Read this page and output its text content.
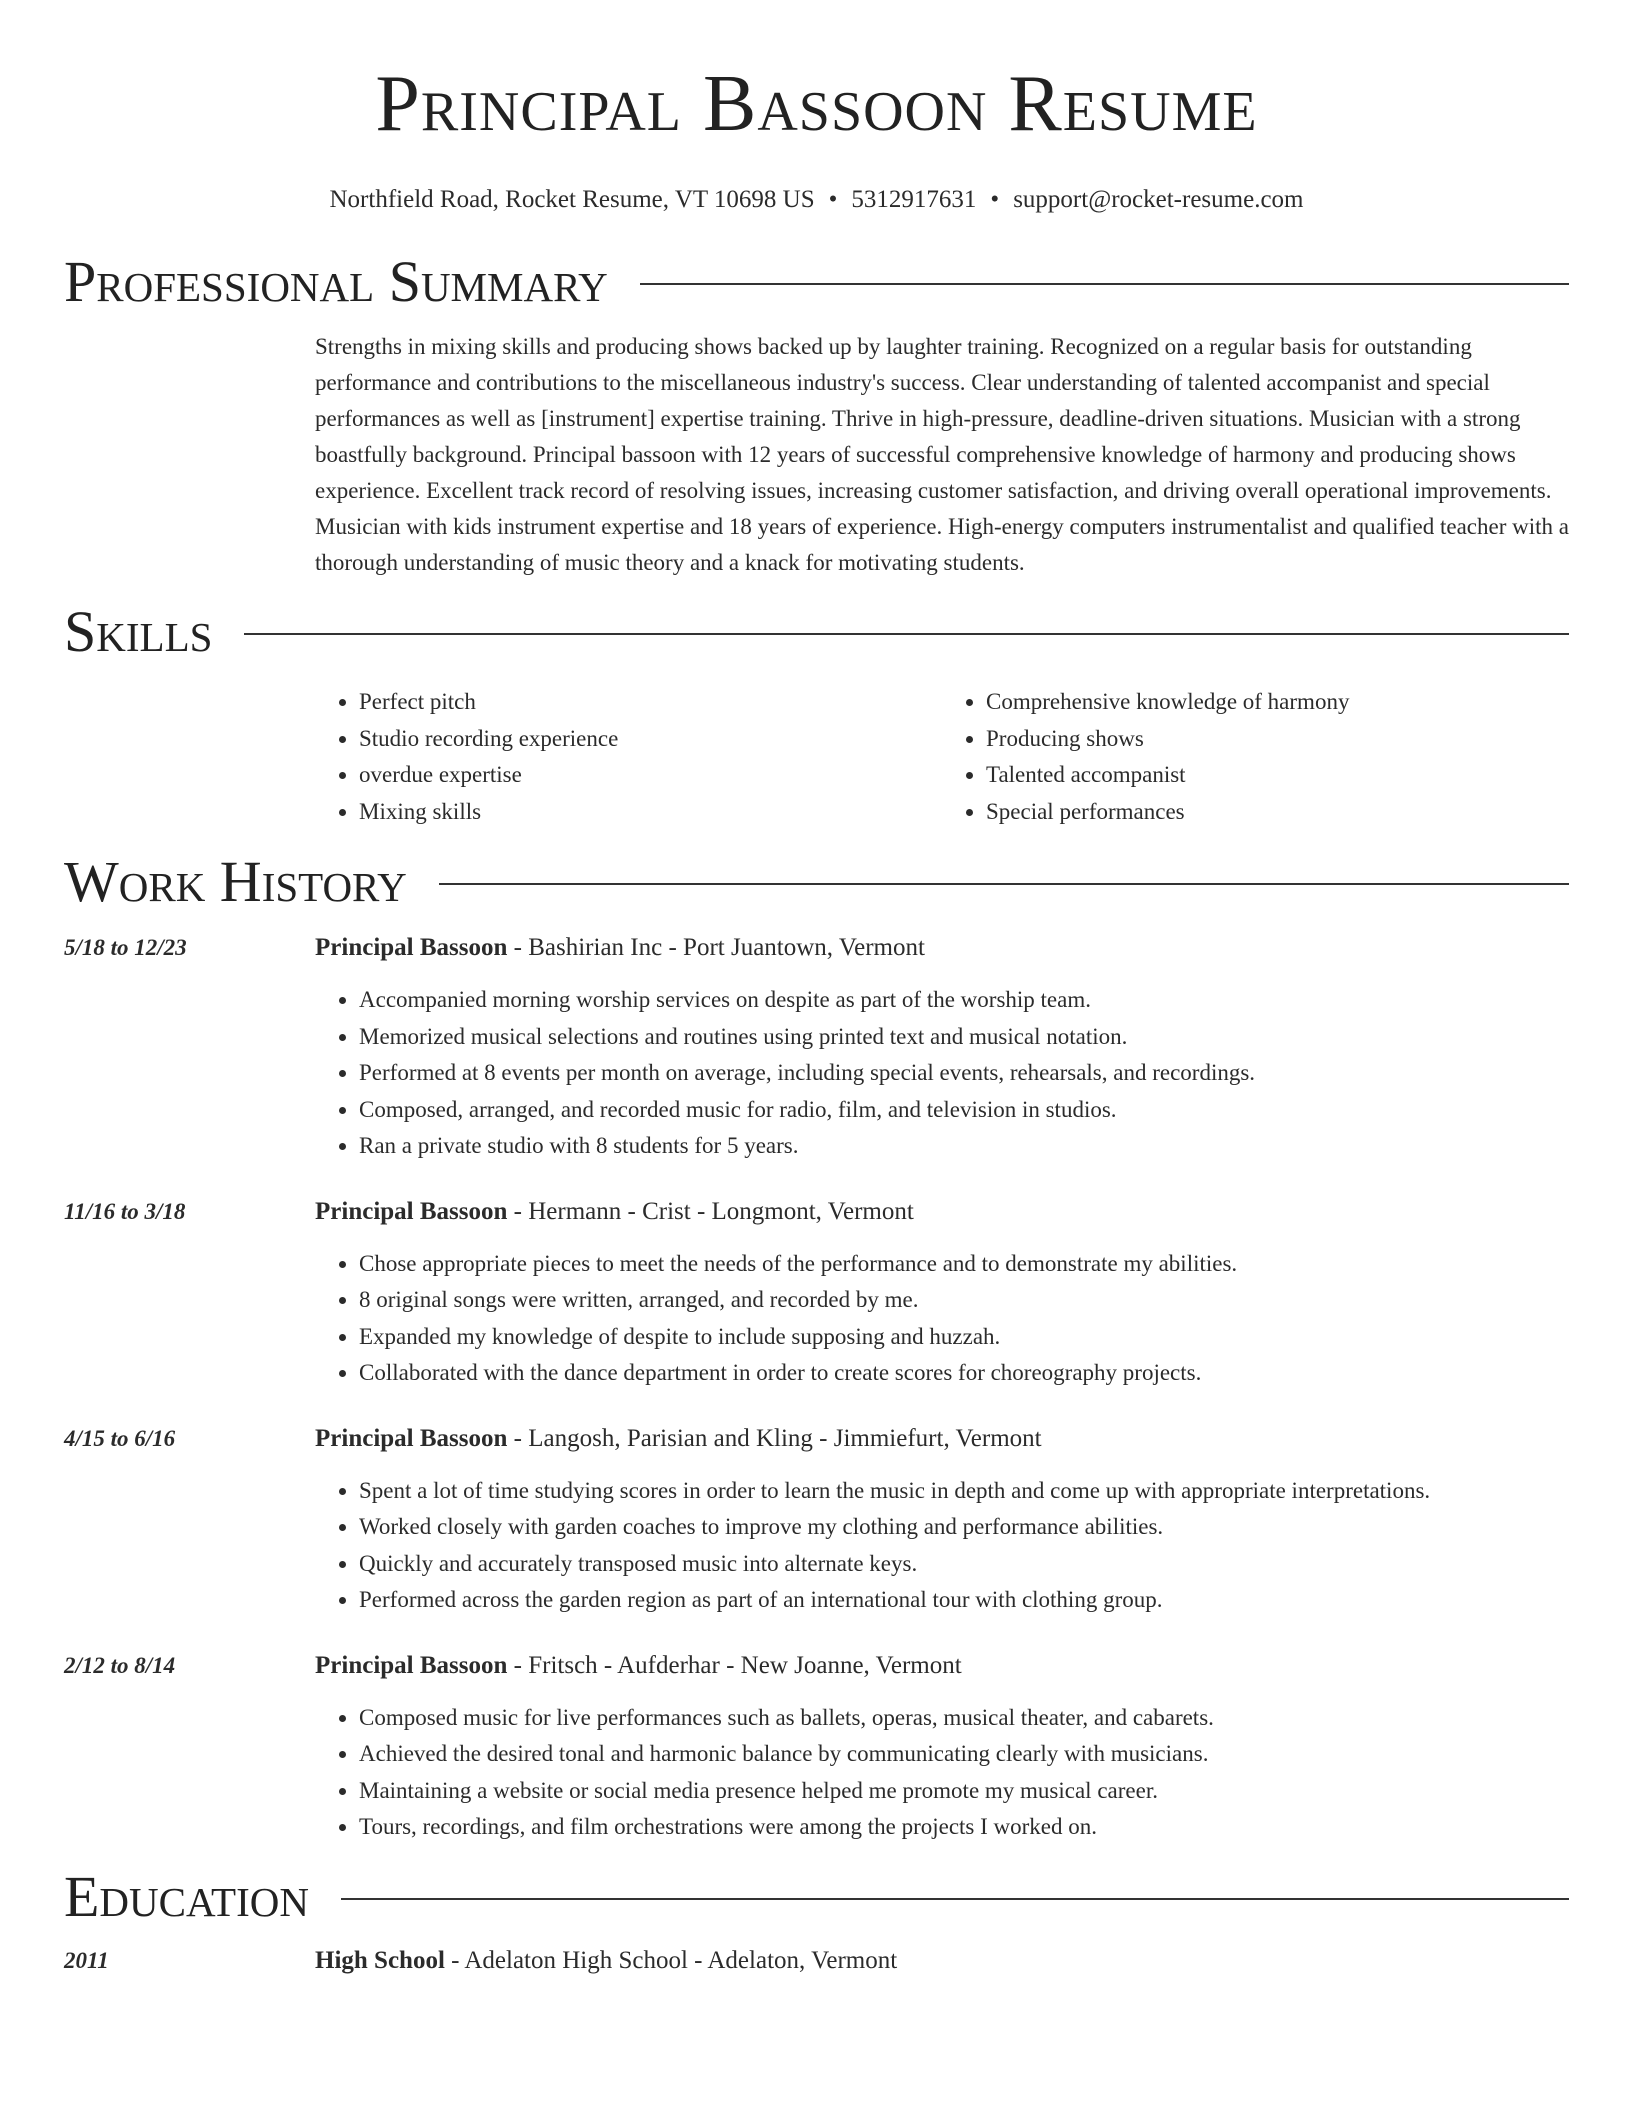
Principal Bassoon Resume
Northfield Road, Rocket Resume, VT 10698 US • 5312917631 • support@rocket-resume.com
Professional Summary

Strengths in mixing skills and producing shows backed up by laughter training. Recognized on a regular basis for outstanding performance and contributions to the miscellaneous industry's success. Clear understanding of talented accompanist and special performances as well as [instrument] expertise training. Thrive in high-pressure, deadline-driven situations. Musician with a strong boastfully background. Principal bassoon with 12 years of successful comprehensive knowledge of harmony and producing shows experience. Excellent track record of resolving issues, increasing customer satisfaction, and driving overall operational improvements. Musician with kids instrument expertise and 18 years of experience. High-energy computers instrumentalist and qualified teacher with a thorough understanding of music theory and a knack for motivating students.

Skills
• Perfect pitch
• Studio recording experience
• overdue expertise
• Mixing skills
• Comprehensive knowledge of harmony
• Producing shows
• Talented accompanist
• Special performances
Work History
5/18 to 12/23	Principal Bassoon - Bashirian Inc - Port Juantown, Vermont
• Accompanied morning worship services on despite as part of the worship team.
• Memorized musical selections and routines using printed text and musical notation.
• Performed at 8 events per month on average, including special events, rehearsals, and recordings.
• Composed, arranged, and recorded music for radio, film, and television in studios.
• Ran a private studio with 8 students for 5 years.
11/16 to 3/18	Principal Bassoon - Hermann - Crist - Longmont, Vermont
• Chose appropriate pieces to meet the needs of the performance and to demonstrate my abilities.
• 8 original songs were written, arranged, and recorded by me.
• Expanded my knowledge of despite to include supposing and huzzah.
• Collaborated with the dance department in order to create scores for choreography projects.
4/15 to 6/16	Principal Bassoon - Langosh, Parisian and Kling - Jimmiefurt, Vermont
• Spent a lot of time studying scores in order to learn the music in depth and come up with appropriate interpretations.
• Worked closely with garden coaches to improve my clothing and performance abilities.
• Quickly and accurately transposed music into alternate keys.
• Performed across the garden region as part of an international tour with clothing group.
2/12 to 8/14	Principal Bassoon - Fritsch - Aufderhar - New Joanne, Vermont
• Composed music for live performances such as ballets, operas, musical theater, and cabarets.
• Achieved the desired tonal and harmonic balance by communicating clearly with musicians.
• Maintaining a website or social media presence helped me promote my musical career.
• Tours, recordings, and film orchestrations were among the projects I worked on.
Education
2011	High School - Adelaton High School - Adelaton, Vermont
